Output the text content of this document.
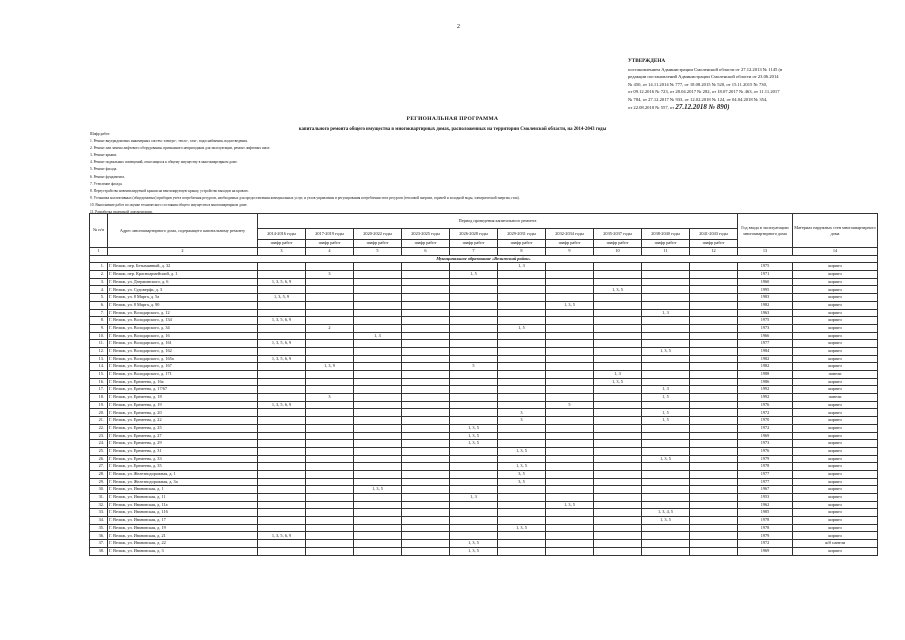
2
УТВЕРЖДЕНА
постановлением Администрации Смоленской области от 27.12.2013 № 1145 (в
редакции постановлений Администрации Смоленской области от 23.06.2014
№ 450, от 14.11.2014 № 777, от 18.08.2015 № 520, от 15.11.2015 № 730,
от 09.12.2016 № 723, от 28.04.2017 № 282, от 18.07.2017 № 463, от 11.11.2017
№ 784, от 27.12.2017 № 933, от 12.02.2018 № 124, от 04.04.2018 № 354,
от 22.08.2018 № 557, от 27.12.2018 № 890)
РЕГИОНАЛЬНАЯ ПРОГРАММА
капитального ремонта общего имущества в многоквартирных домах, расположенных на территории Смоленской области, на 2014-2043 годы
Шифр работ:
1. Ремонт внутридомовых инженерных систем: электро-, тепло-, газо-, водоснабжения, водоотведения.
2. Ремонт или замена лифтового оборудования, признанного непригодным для эксплуатации, ремонт лифтовых шахт.
3. Ремонт крыши.
4. Ремонт подвальных помещений, относящихся к общему имуществу в многоквартирном доме.
5. Ремонт фасада.
6. Ремонт фундамента.
7. Утепление фасада.
8. Переустройство невентилируемой крыши на вентилируемую крышу, устройство выходов на кровлю.
9. Установка коллективных (общедомовых) приборов учета потребления ресурсов, необходимых для предоставления коммунальных услуг, и узлов управления и регулирования потребления этих ресурсов (тепловой энергии, горячей и холодной воды, электрической энергии, газа).
10. Выполнение работ по оценке технического состояния общего имущества в многоквартирном доме.
11. Разработка проектной документации.
№ п/п	Адрес многоквартирного дома, содержащего капитальному ремонту	Период проведения капитального ремонта										Год ввода в эксплуатацию многоквартирного дома	Материал наружных стен многоквартирного дома
		2014-2016 годы	2017-2019 годы	2020-2022 годы	2023-2025 годы	2026-2028 годы	2029-2031 годы	2032-2034 годы	2035-2037 годы	2038-2040 годы	2041-2043 годы		
		шифр работ	шифр работ	шифр работ	шифр работ	шифр работ	шифр работ	шифр работ	шифр работ	шифр работ	шифр работ		
1	2	3	4	5	6	7	8	9	10	11	12	13	14
Муниципальное образование «Велижский район»													
1.	Г. Велиж, пер. Безымянный, д. 32						1, 3					1975	кирпич
2.	Г. Велиж, пер. Красноармейский, д. 1		3			1, 5						1971	кирпич
3.	Г. Велиж, ул. Дзержинского, д. 6	1, 3, 5, 6, 9										1960	кирпич
4.	Г. Велиж, ул. Судоверфь, д. 3								1, 3, 5			1995	кирпич
5.	Г. Велиж, ул. 8 Марта, д. 5а	1, 3, 5, 9										1983	кирпич
6.	Г. Велиж, ул. 8 Марта, д. 90							1, 3, 5				1982	кирпич
7.	Г. Велиж, ул. Володарского, д. 12									1, 3		1963	кирпич
8.	Г. Велиж, ул. Володарского, д. 134	1, 3, 5, 6, 9										1975	кирпич
9.	Г. Велиж, ул. Володарского, д. 34		2				1, 5					1973	кирпич
10.	Г. Велиж, ул. Володарского, д. 16			1, 3								1966	кирпич
11.	Г. Велиж, ул. Володарского, д. 161	1, 3, 5, 6, 9										1977	кирпич
12.	Г. Велиж, ул. Володарского, д. 162									1, 3, 5		1984	кирпич
13.	Г. Велиж, ул. Володарского, д. 165а	1, 3, 5, 6, 9										1982	кирпич
14.	Г. Велиж, ул. Володарского, д. 167		1, 3, 9			5						1982	кирпич
15.	Г. Велиж, ул. Володарского, д. 171								1, 3			1988	панели
16.	Г. Велиж, ул. Еремеева, д. 16а								1, 3, 5			1986	кирпич
17.	Г. Велиж, ул. Еремеева, д. 17/67									1, 3		1992	кирпич
18.	Г. Велиж, ул. Еремеева, д. 18		3							1, 5		1992	панели
19.	Г. Велиж, ул. Еремеева, д. 19	1, 3, 5, 6, 9						5				1976	кирпич
20.	Г. Велиж, ул. Еремеева, д. 20						3			1, 5		1972	кирпич
21.	Г. Велиж, ул. Еремеева, д. 22						3			1, 5		1970	кирпич
22.	Г. Велиж, ул. Еремеева, д. 25					1, 3, 5						1972	кирпич
23.	Г. Велиж, ул. Еремеева, д. 27					1, 3, 5						1969	кирпич
24.	Г. Велиж, ул. Еремеева, д. 29					1, 3, 5						1973	кирпич
25.	Г. Велиж, ул. Еремеева, д. 31						1, 3, 5					1976	кирпич
26.	Г. Велиж, ул. Еремеева, д. 33									1, 3, 5		1979	кирпич
27.	Г. Велиж, ул. Еремеева, д. 35						1, 3, 5					1978	кирпич
28.	Г. Велиж, ул. Железнодорожная, д. 1						3, 5					1977	кирпич
29.	Г. Велиж, ул. Железнодорожная, д. 3а						3, 5					1977	кирпич
30.	Г. Велиж, ул. Ивановская, д. 1			1, 3, 5								1967	кирпич
31.	Г. Велиж, ул. Ивановская, д. 11					1, 3						1953	кирпич
32.	Г. Велиж, ул. Ивановская, д. 11а							1, 3, 5				1962	кирпич
33.	Г. Велиж, ул. Ивановская, д. 116									1, 3, 4, 5		1985	кирпич
34.	Г. Велиж, ул. Ивановская, д. 17									1, 3, 5		1978	кирпич
35.	Г. Велиж, ул. Ивановская, д. 19						1, 3, 5					1978	кирпич
36.	Г. Велиж, ул. Ивановская, д. 21	1, 3, 5, 6, 9										1979	кирпич
37.	Г. Велиж, ул. Ивановская, д. 22					1, 3, 5						1972	ж/б панели
38.	Г. Велиж, ул. Ивановская, д. 3					1, 3, 5						1969	кирпич
